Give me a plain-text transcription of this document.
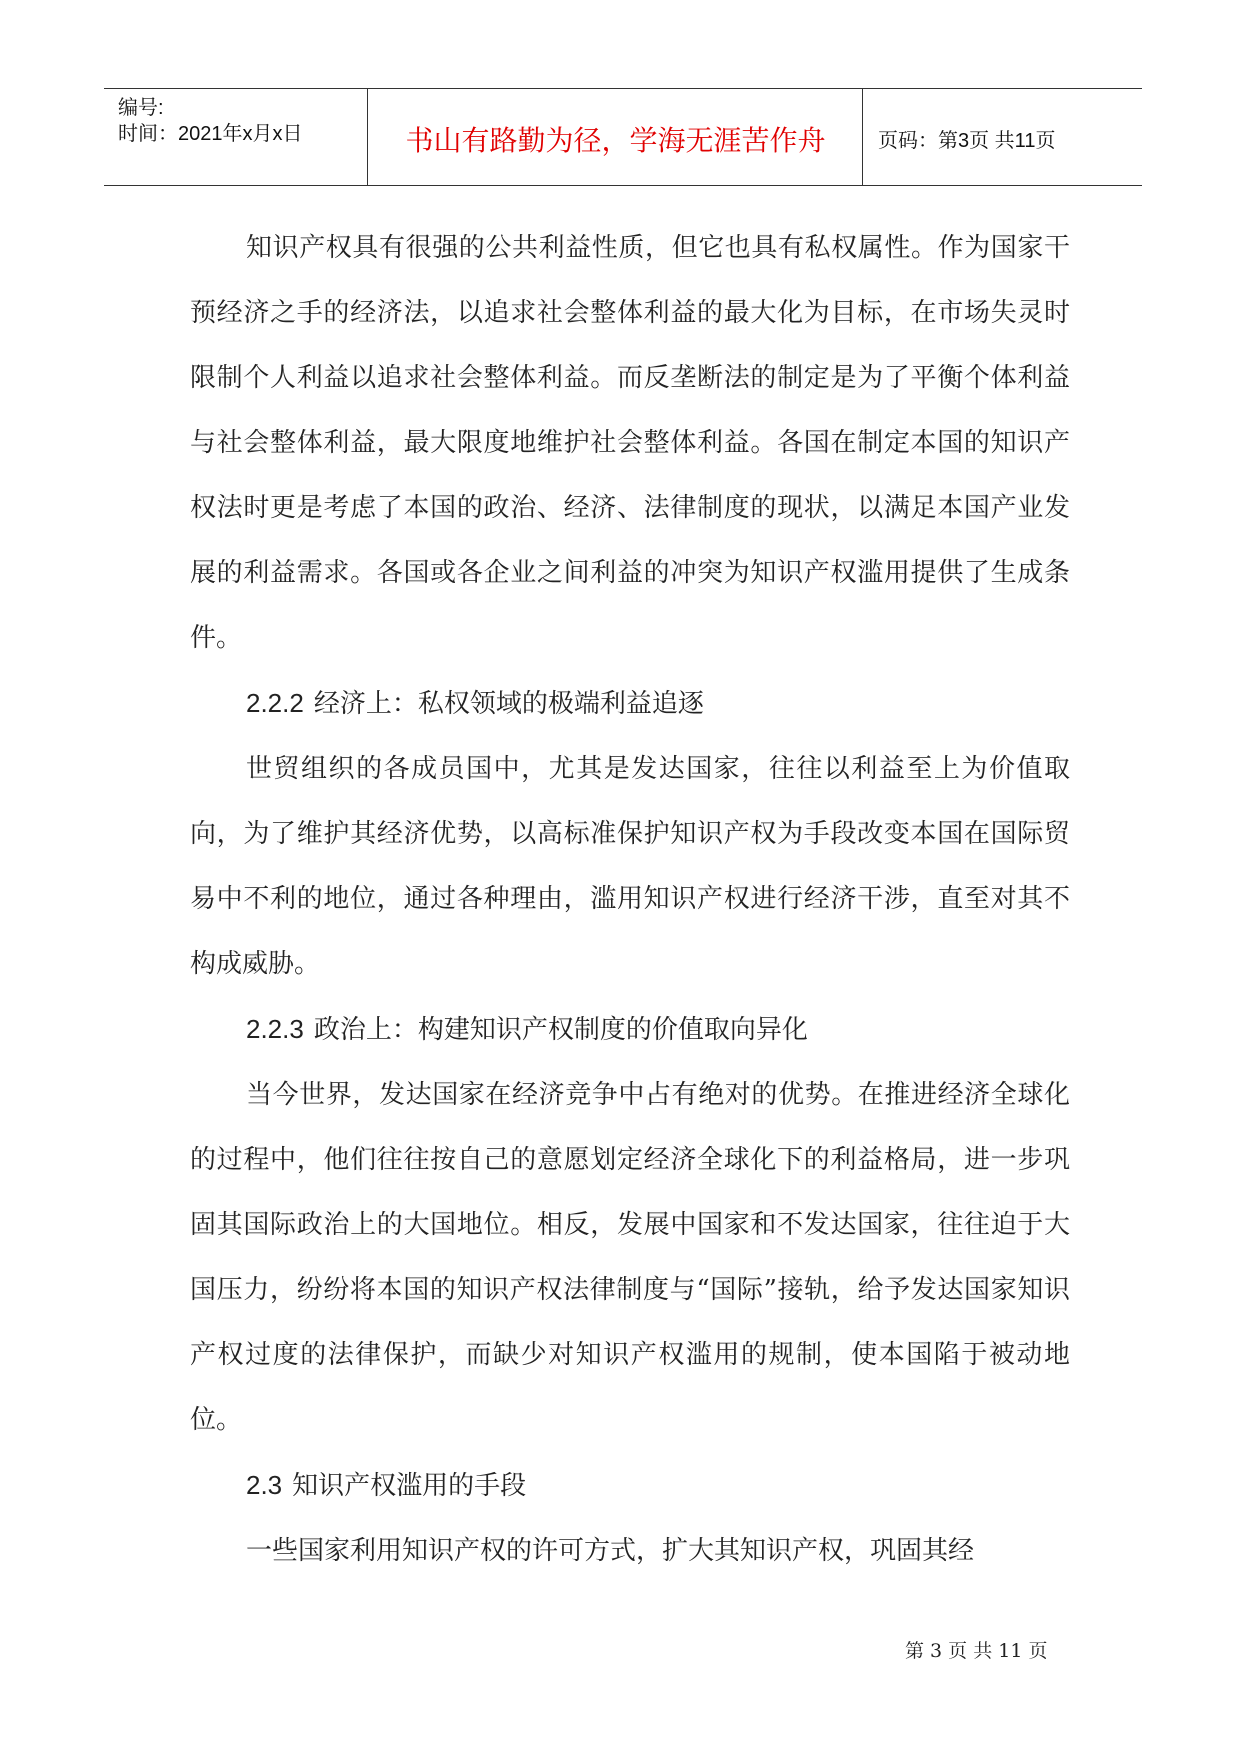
编号:
时间：2021年x月x日	书山有路勤为径，学海无涯苦作舟	页码：第3页 共11页

知识产权具有很强的公共利益性质，但它也具有私权属性。作为国家干预经济之手的经济法，以追求社会整体利益的最大化为目标，在市场失灵时限制个人利益以追求社会整体利益。而反垄断法的制定是为了平衡个体利益与社会整体利益，最大限度地维护社会整体利益。各国在制定本国的知识产权法时更是考虑了本国的政治、经济、法律制度的现状，以满足本国产业发展的利益需求。各国或各企业之间利益的冲突为知识产权滥用提供了生成条件。

2.2.2 经济上：私权领域的极端利益追逐

世贸组织的各成员国中，尤其是发达国家，往往以利益至上为价值取向，为了维护其经济优势，以高标准保护知识产权为手段改变本国在国际贸易中不利的地位，通过各种理由，滥用知识产权进行经济干涉，直至对其不构成威胁。

2.2.3 政治上：构建知识产权制度的价值取向异化

当今世界，发达国家在经济竞争中占有绝对的优势。在推进经济全球化的过程中，他们往往按自己的意愿划定经济全球化下的利益格局，进一步巩固其国际政治上的大国地位。相反，发展中国家和不发达国家，往往迫于大国压力，纷纷将本国的知识产权法律制度与“国际”接轨，给予发达国家知识产权过度的法律保护，而缺少对知识产权滥用的规制，使本国陷于被动地位。

2.3 知识产权滥用的手段

一些国家利用知识产权的许可方式，扩大其知识产权，巩固其经

第 3 页 共 11 页
